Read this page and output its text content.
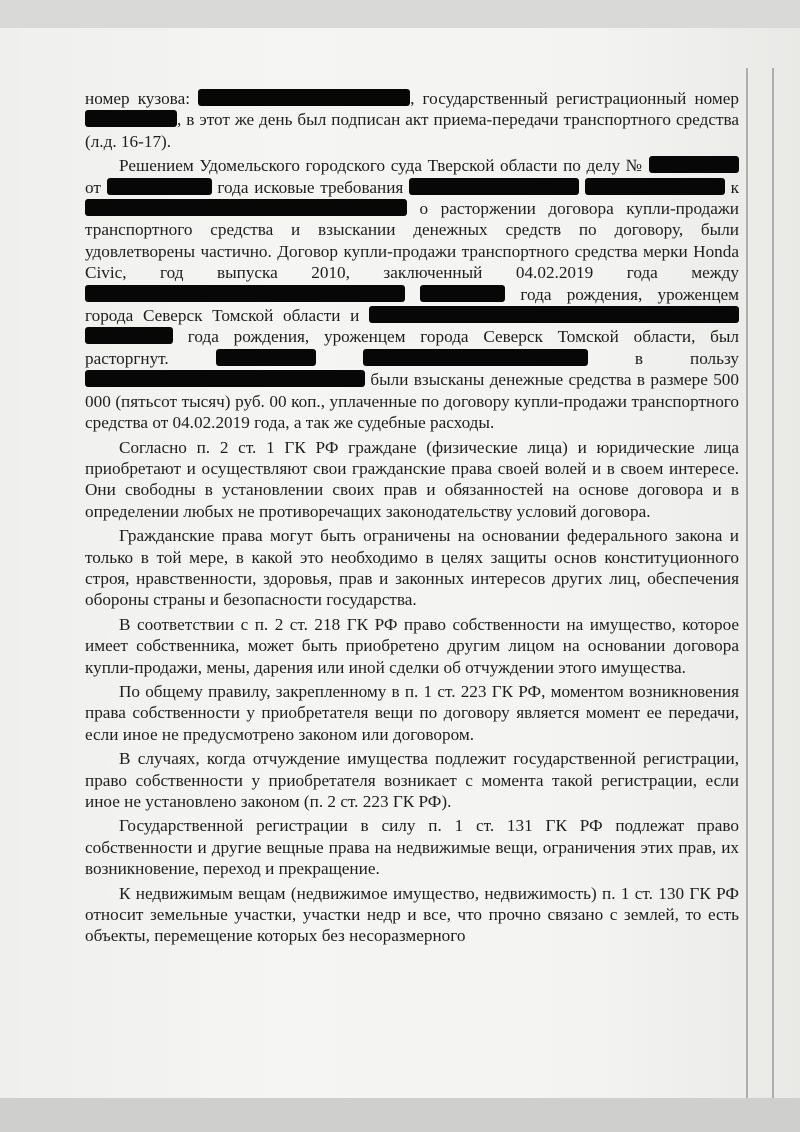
номер кузова:	, государственный регистрационный номер , в этот же день был подписан акт приема-передачи транспортного средства (л.д. 16-17).

Решением Удомельского городского суда Тверской области по делу №  от	года исковые требования	к  о расторжении договора купли-продажи транспортного средства и взыскании денежных средств по договору, были удовлетворены частично. Договор купли-продажи транспортного средства мерки Honda Civic, год выпуска 2010, заключенный 04.02.2019 года между   года рождения, уроженцем города Северск Томской области и   года рождения, уроженцем города Северск Томской области, был расторгнут.	в пользу  были взысканы денежные средства в размере 500 000 (пятьсот тысяч) руб. 00 коп., уплаченные по договору купли-продажи транспортного средства от 04.02.2019 года, а так же судебные расходы.

Согласно п. 2 ст. 1 ГК РФ граждане (физические лица) и юридические лица приобретают и осуществляют свои гражданские права своей волей и в своем интересе. Они свободны в установлении своих прав и обязанностей на основе договора и в определении любых не противоречащих законодательству условий договора.

Гражданские права могут быть ограничены на основании федерального закона и только в той мере, в какой это необходимо в целях защиты основ конституционного строя, нравственности, здоровья, прав и законных интересов других лиц, обеспечения обороны страны и безопасности государства.

В соответствии с п. 2 ст. 218 ГК РФ право собственности на имущество, которое имеет собственника, может быть приобретено другим лицом на основании договора купли-продажи, мены, дарения или иной сделки об отчуждении этого имущества.

По общему правилу, закрепленному в п. 1 ст. 223 ГК РФ, моментом возникновения права собственности у приобретателя вещи по договору является момент ее передачи, если иное не предусмотрено законом или договором.

В случаях, когда отчуждение имущества подлежит государственной регистрации, право собственности у приобретателя возникает с момента такой регистрации, если иное не установлено законом (п. 2 ст. 223 ГК РФ).

Государственной регистрации в силу п. 1 ст. 131 ГК РФ подлежат право собственности и другие вещные права на недвижимые вещи, ограничения этих прав, их возникновение, переход и прекращение.

К недвижимым вещам (недвижимое имущество, недвижимость) п. 1 ст. 130 ГК РФ относит земельные участки, участки недр и все, что прочно связано с землей, то есть объекты, перемещение которых без несоразмерного
